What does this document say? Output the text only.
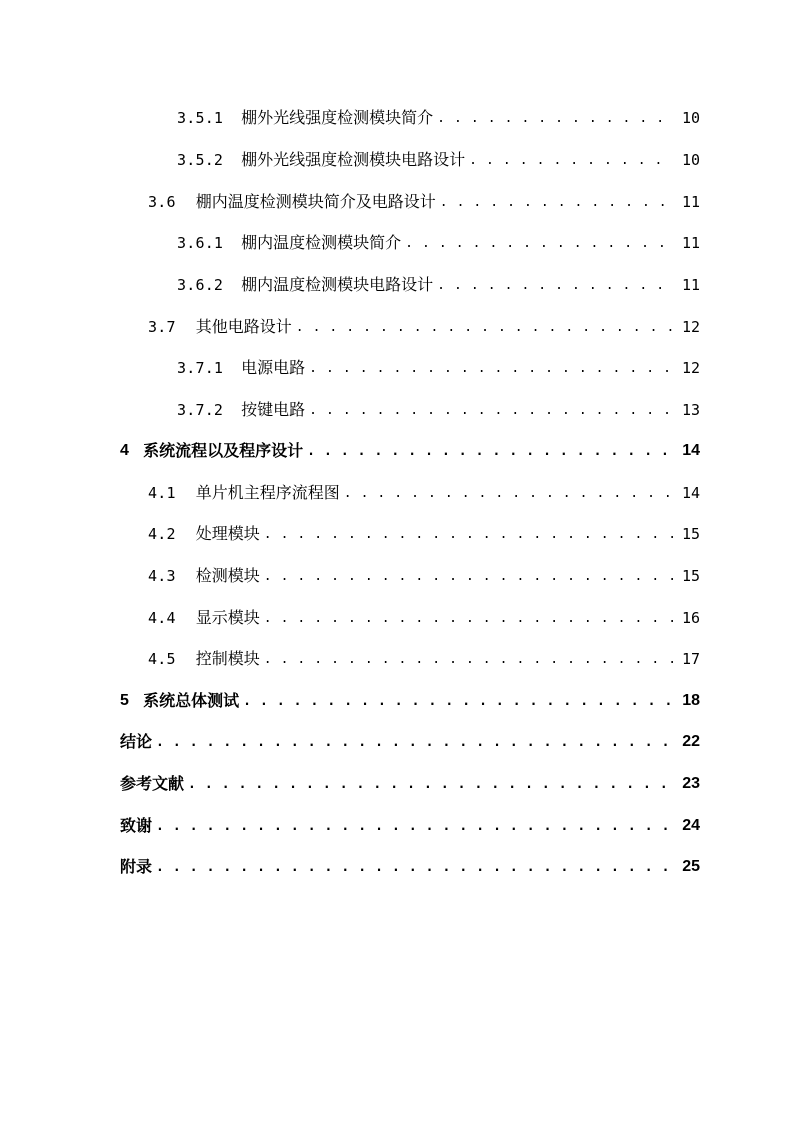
3.5.1 棚外光线强度检测模块简介 . . .	10
3.5.2 棚外光线强度检测模块电路设计 . . .	10
3.6 棚内温度检测模块简介及电路设计 . . .	11
3.6.1 棚内温度检测模块简介 . . .	11
3.6.2 棚内温度检测模块电路设计 . . .	11
3.7 其他电路设计 . . .	12
3.7.1 电源电路 . . .	12
3.7.2 按键电路 . . .	13
4 系统流程以及程序设计 . . .	14
4.1 单片机主程序流程图 . . .	14
4.2 处理模块 . . .	15
4.3 检测模块 . . .	15
4.4 显示模块 . . .	16
4.5 控制模块 . . .	17
5 系统总体测试 . . .	18
结论 . . .	22
参考文献 . . .	23
致谢 . . .	24
附录 . . .	25
